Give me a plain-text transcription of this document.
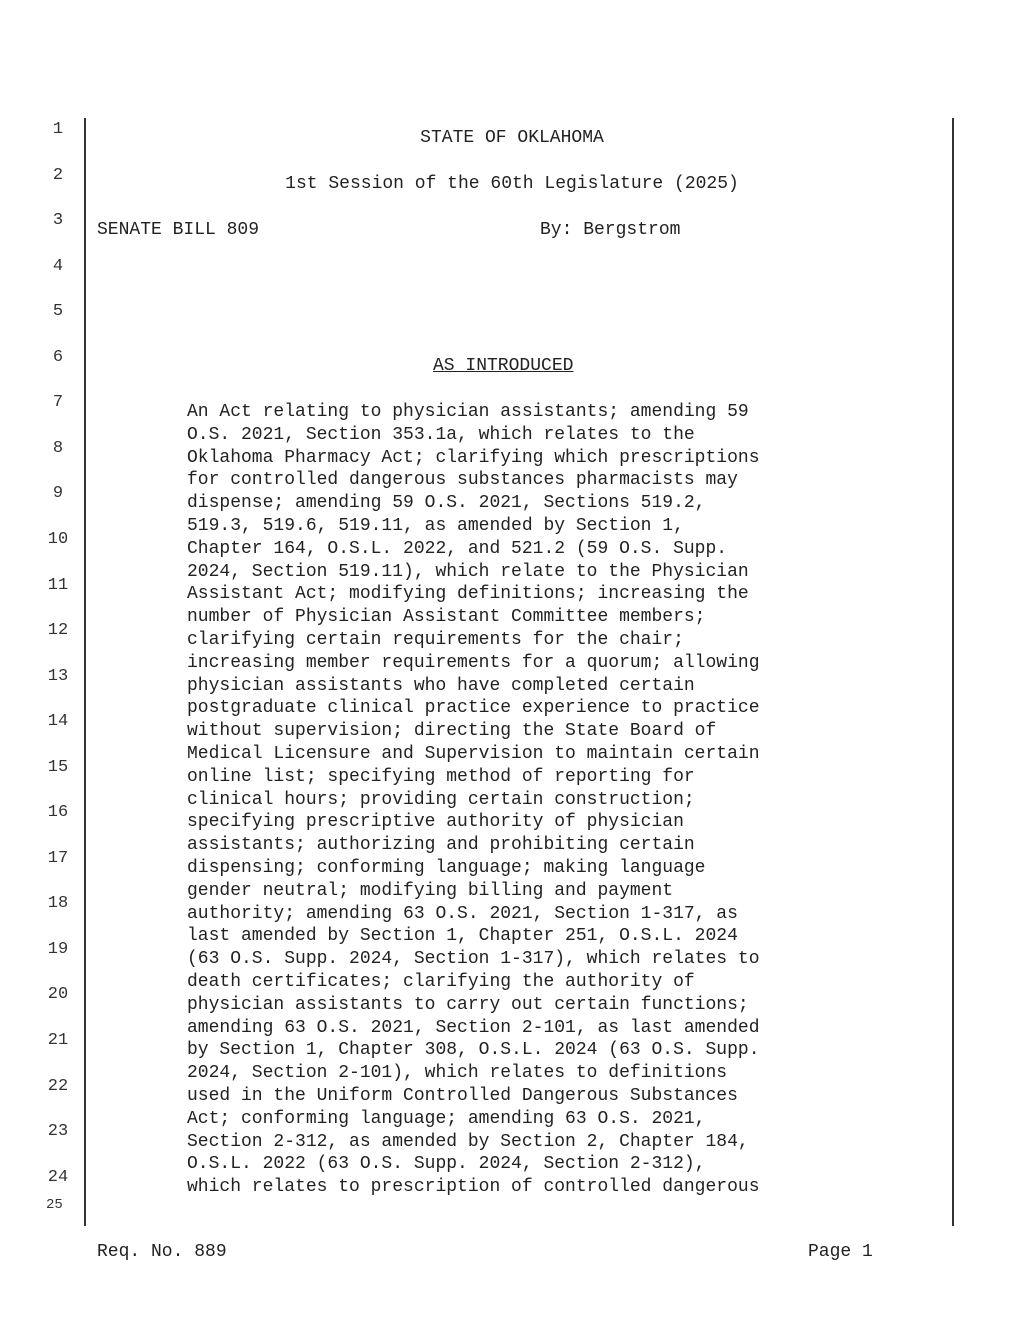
1
2
3
4
5
6
7
8
9
10
11
12
13
14
15
16
17
18
19
20
21
22
23
24
25
STATE OF OKLAHOMA
1st Session of the 60th Legislature (2025)
SENATE BILL 809	By: Bergstrom
AS INTRODUCED
An Act relating to physician assistants; amending 59
O.S. 2021, Section 353.1a, which relates to the
Oklahoma Pharmacy Act; clarifying which prescriptions
for controlled dangerous substances pharmacists may
dispense; amending 59 O.S. 2021, Sections 519.2,
519.3, 519.6, 519.11, as amended by Section 1,
Chapter 164, O.S.L. 2022, and 521.2 (59 O.S. Supp.
2024, Section 519.11), which relate to the Physician
Assistant Act; modifying definitions; increasing the
number of Physician Assistant Committee members;
clarifying certain requirements for the chair;
increasing member requirements for a quorum; allowing
physician assistants who have completed certain
postgraduate clinical practice experience to practice
without supervision; directing the State Board of
Medical Licensure and Supervision to maintain certain
online list; specifying method of reporting for
clinical hours; providing certain construction;
specifying prescriptive authority of physician
assistants; authorizing and prohibiting certain
dispensing; conforming language; making language
gender neutral; modifying billing and payment
authority; amending 63 O.S. 2021, Section 1-317, as
last amended by Section 1, Chapter 251, O.S.L. 2024
(63 O.S. Supp. 2024, Section 1-317), which relates to
death certificates; clarifying the authority of
physician assistants to carry out certain functions;
amending 63 O.S. 2021, Section 2-101, as last amended
by Section 1, Chapter 308, O.S.L. 2024 (63 O.S. Supp.
2024, Section 2-101), which relates to definitions
used in the Uniform Controlled Dangerous Substances
Act; conforming language; amending 63 O.S. 2021,
Section 2-312, as amended by Section 2, Chapter 184,
O.S.L. 2022 (63 O.S. Supp. 2024, Section 2-312),
which relates to prescription of controlled dangerous
Req. No. 889	Page 1
